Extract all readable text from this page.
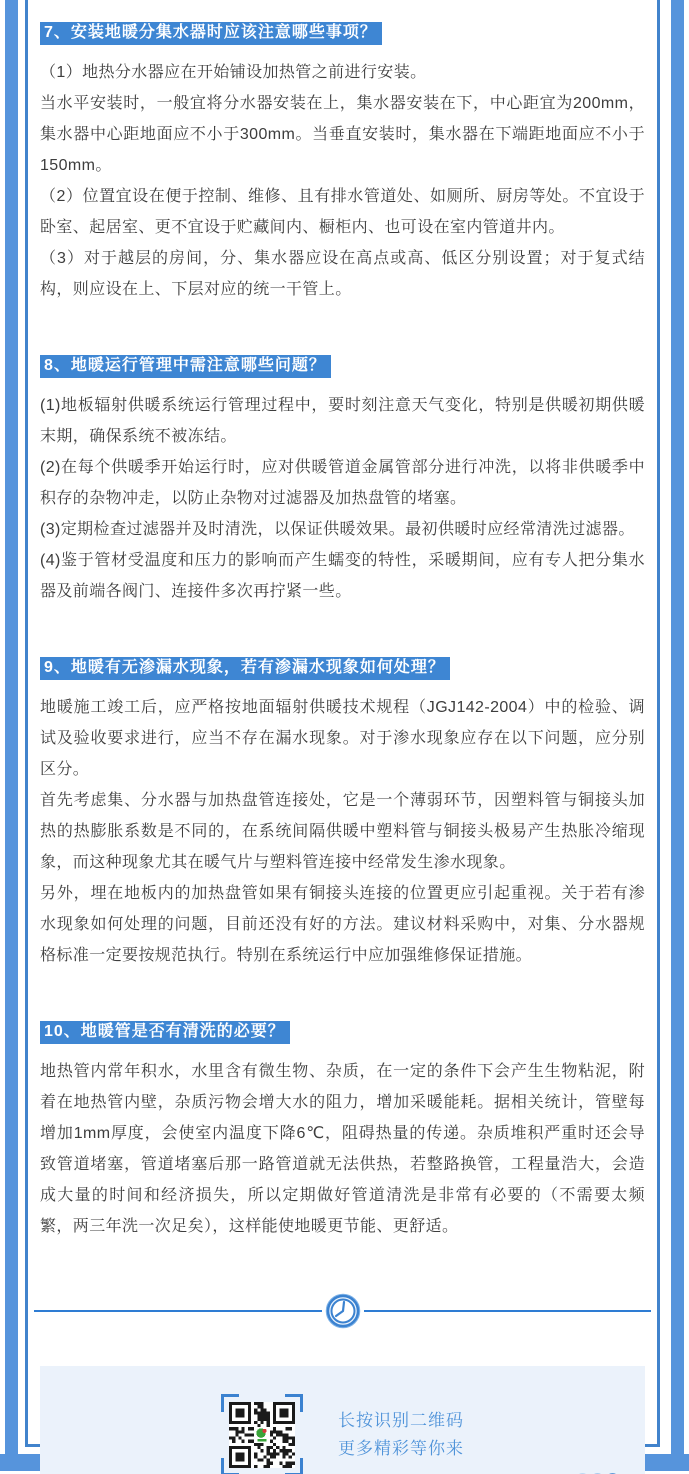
7、安装地暖分集水器时应该注意哪些事项？

（1）地热分水器应在开始铺设加热管之前进行安装。

当水平安装时，一般宜将分水器安装在上，集水器安装在下，中心距宜为200mm，集水器中心距地面应不小于300mm。当垂直安装时，集水器在下端距地面应不小于150mm。

（2）位置宜设在便于控制、维修、且有排水管道处、如厕所、厨房等处。不宜设于卧室、起居室、更不宜设于贮藏间内、橱柜内、也可设在室内管道井内。

（3）对于越层的房间，分、集水器应设在高点或高、低区分别设置；对于复式结构，则应设在上、下层对应的统一干管上。

8、地暖运行管理中需注意哪些问题？

(1)地板辐射供暖系统运行管理过程中，要时刻注意天气变化，特别是供暖初期供暖末期，确保系统不被冻结。

(2)在每个供暖季开始运行时，应对供暖管道金属管部分进行冲洗，以将非供暖季中积存的杂物冲走，以防止杂物对过滤器及加热盘管的堵塞。

(3)定期检查过滤器并及时清洗，以保证供暖效果。最初供暖时应经常清洗过滤器。

(4)鉴于管材受温度和压力的影响而产生蠕变的特性，采暖期间，应有专人把分集水器及前端各阀门、连接件多次再拧紧一些。

9、地暖有无渗漏水现象，若有渗漏水现象如何处理？

地暖施工竣工后，应严格按地面辐射供暖技术规程（JGJ142-2004）中的检验、调试及验收要求进行，应当不存在漏水现象。对于渗水现象应存在以下问题，应分别区分。

首先考虑集、分水器与加热盘管连接处，它是一个薄弱环节，因塑料管与铜接头加热的热膨胀系数是不同的，在系统间隔供暖中塑料管与铜接头极易产生热胀冷缩现象，而这种现象尤其在暖气片与塑料管连接中经常发生渗水现象。

另外，埋在地板内的加热盘管如果有铜接头连接的位置更应引起重视。关于若有渗水现象如何处理的问题，目前还没有好的方法。建议材料采购中，对集、分水器规格标准一定要按规范执行。特别在系统运行中应加强维修保证措施。

10、地暖管是否有清洗的必要？

地热管内常年积水，水里含有微生物、杂质，在一定的条件下会产生生物粘泥，附着在地热管内壁，杂质污物会增大水的阻力，增加采暖能耗。据相关统计，管壁每增加1mm厚度，会使室内温度下降6℃，阻碍热量的传递。杂质堆积严重时还会导致管道堵塞，管道堵塞后那一路管道就无法供热，若整路换管，工程量浩大，会造成大量的时间和经济损失，所以定期做好管道清洗是非常有必要的（不需要太频繁，两三年洗一次足矣），这样能使地暖更节能、更舒适。

长按识别二维码
更多精彩等你来
